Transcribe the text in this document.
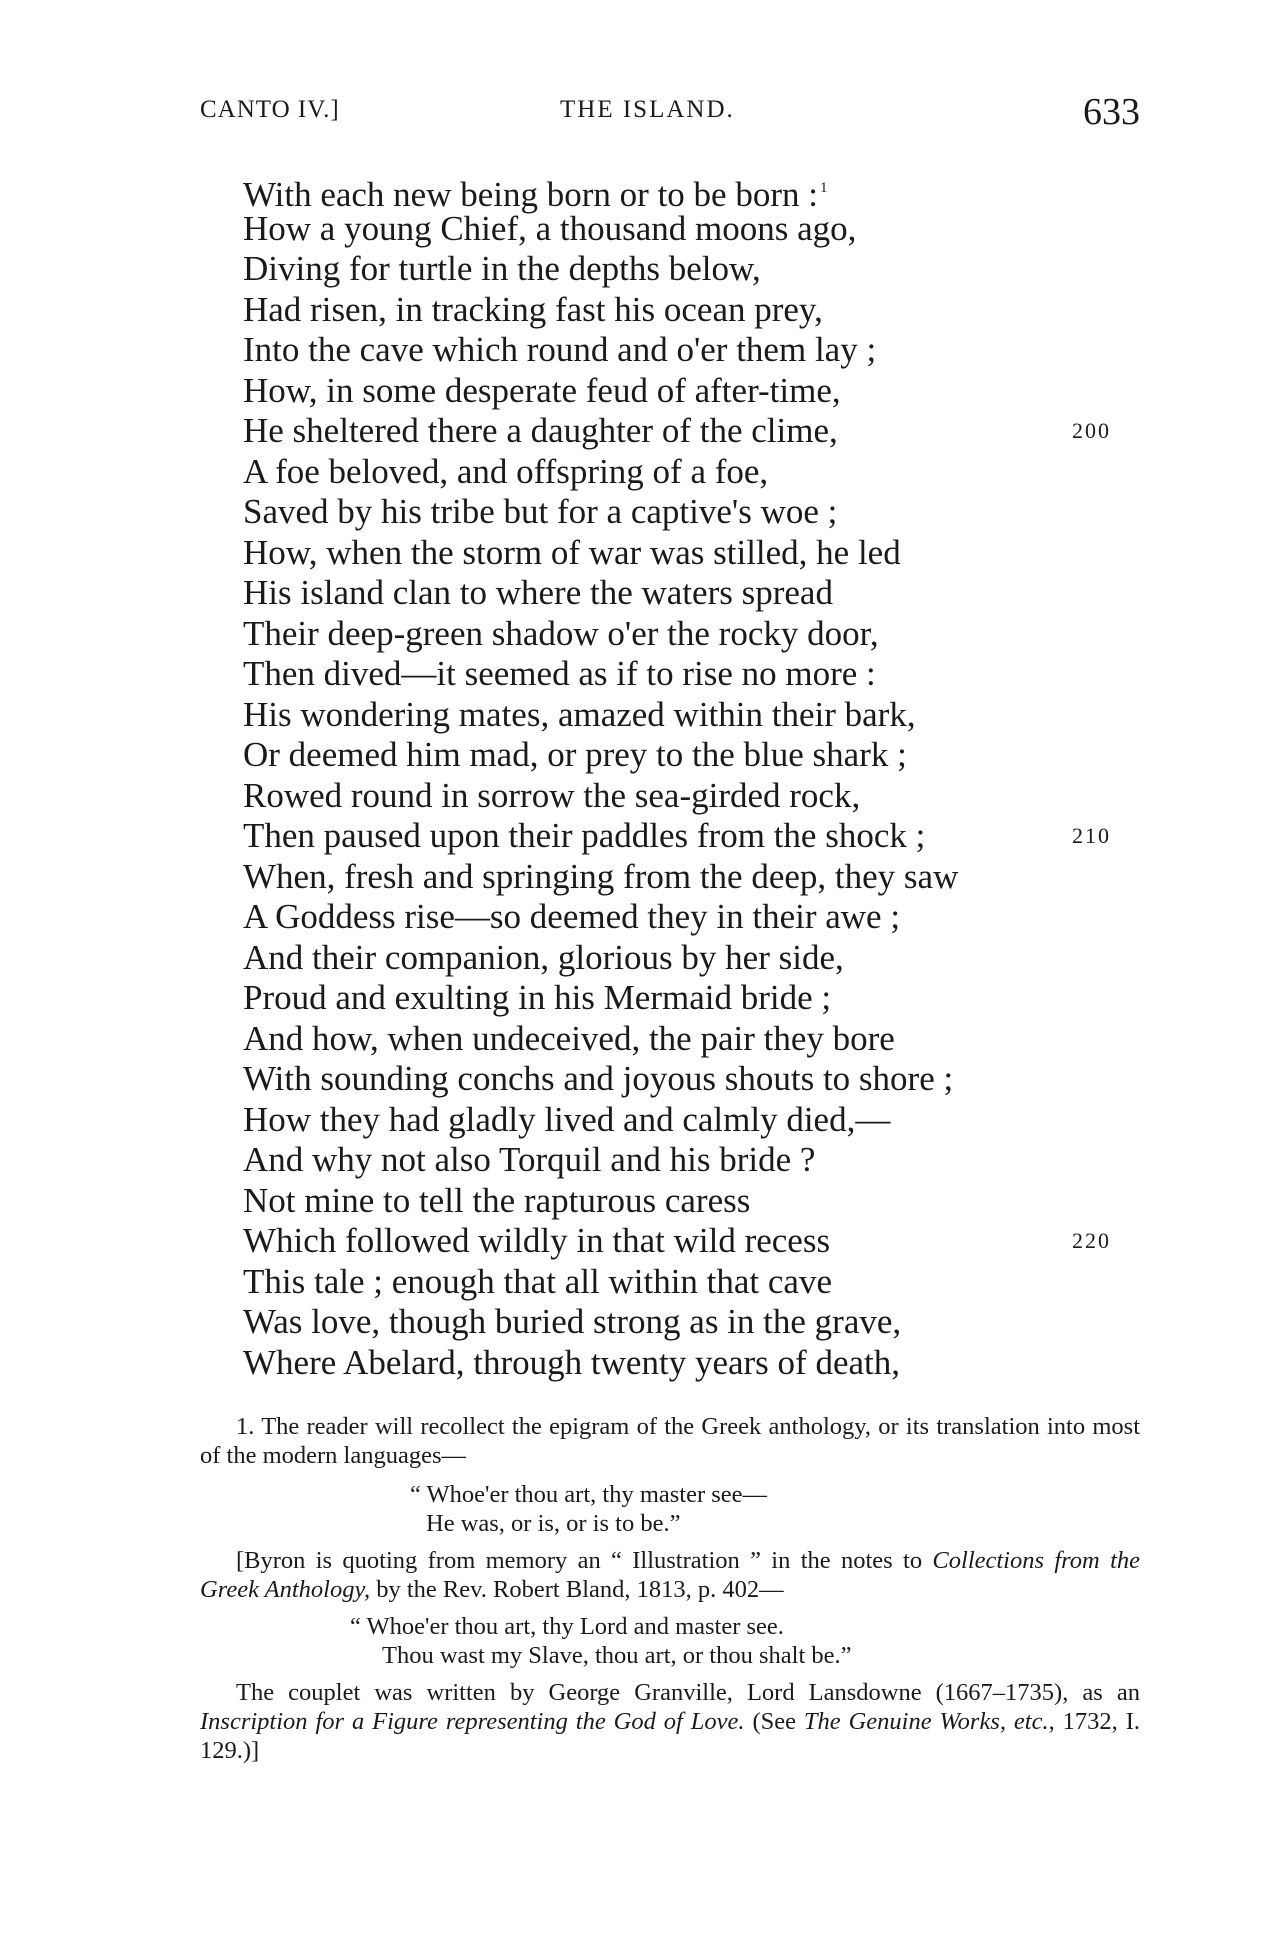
CANTO IV.]	THE ISLAND.	633
With each new being born or to be born : $^1$
How a young Chief, a thousand moons ago,
Diving for turtle in the depths below,
Had risen, in tracking fast his ocean prey,
Into the cave which round and o'er them lay ;
How, in some desperate feud of after-time,
He sheltered there a daughter of the clime,	200
A foe beloved, and offspring of a foe,
Saved by his tribe but for a captive's woe ;
How, when the storm of war was stilled, he led
His island clan to where the waters spread
Their deep-green shadow o'er the rocky door,
Then dived—it seemed as if to rise no more :
His wondering mates, amazed within their bark,
Or deemed him mad, or prey to the blue shark ;
Rowed round in sorrow the sea-girded rock,
Then paused upon their paddles from the shock ;	210
When, fresh and springing from the deep, they saw
A Goddess rise—so deemed they in their awe ;
And their companion, glorious by her side,
Proud and exulting in his Mermaid bride ;
And how, when undeceived, the pair they bore
With sounding conchs and joyous shouts to shore ;
How they had gladly lived and calmly died,—
And why not also Torquil and his bride ?
Not mine to tell the rapturous caress
Which followed wildly in that wild recess	220
This tale ; enough that all within that cave
Was love, though buried strong as in the grave,
Where Abelard, through twenty years of death,

1. The reader will recollect the epigram of the Greek anthology, or its translation into most of the modern languages—

“ Whoe'er thou art, thy master see—
He was, or is, or is to be.”

[Byron is quoting from memory an “ Illustration ” in the notes to Collections from the Greek Anthology, by the Rev. Robert Bland, 1813, p. 402—

“ Whoe'er thou art, thy Lord and master see.
Thou wast my Slave, thou art, or thou shalt be.”

The couplet was written by George Granville, Lord Lansdowne (1667–1735), as an Inscription for a Figure representing the God of Love. (See The Genuine Works, etc., 1732, I. 129.)]
